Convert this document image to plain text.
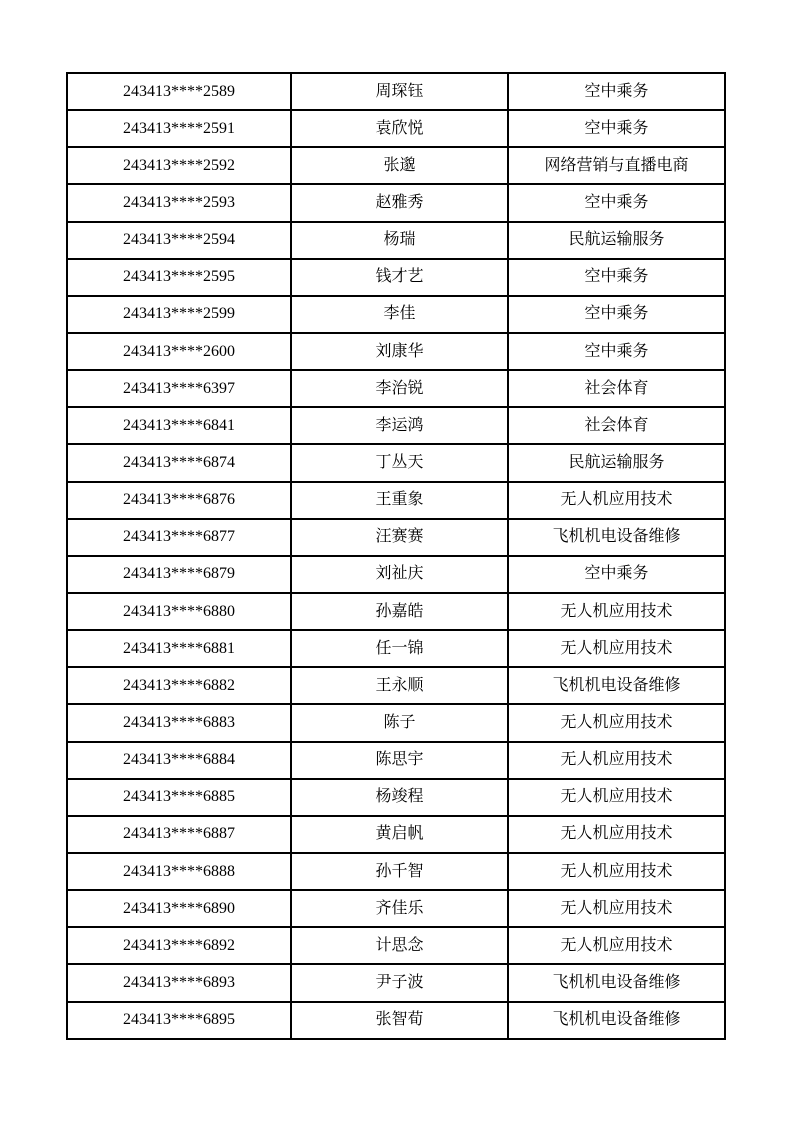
243413****2589	周琛钰	空中乘务
243413****2591	袁欣悦	空中乘务
243413****2592	张邈	网络营销与直播电商
243413****2593	赵雅秀	空中乘务
243413****2594	杨瑞	民航运输服务
243413****2595	钱才艺	空中乘务
243413****2599	李佳	空中乘务
243413****2600	刘康华	空中乘务
243413****6397	李治锐	社会体育
243413****6841	李运鸿	社会体育
243413****6874	丁丛天	民航运输服务
243413****6876	王重象	无人机应用技术
243413****6877	汪赛赛	飞机机电设备维修
243413****6879	刘祉庆	空中乘务
243413****6880	孙嘉皓	无人机应用技术
243413****6881	任一锦	无人机应用技术
243413****6882	王永顺	飞机机电设备维修
243413****6883	陈子	无人机应用技术
243413****6884	陈思宇	无人机应用技术
243413****6885	杨竣程	无人机应用技术
243413****6887	黄启帆	无人机应用技术
243413****6888	孙千智	无人机应用技术
243413****6890	齐佳乐	无人机应用技术
243413****6892	计思念	无人机应用技术
243413****6893	尹子波	飞机机电设备维修
243413****6895	张智荀	飞机机电设备维修
